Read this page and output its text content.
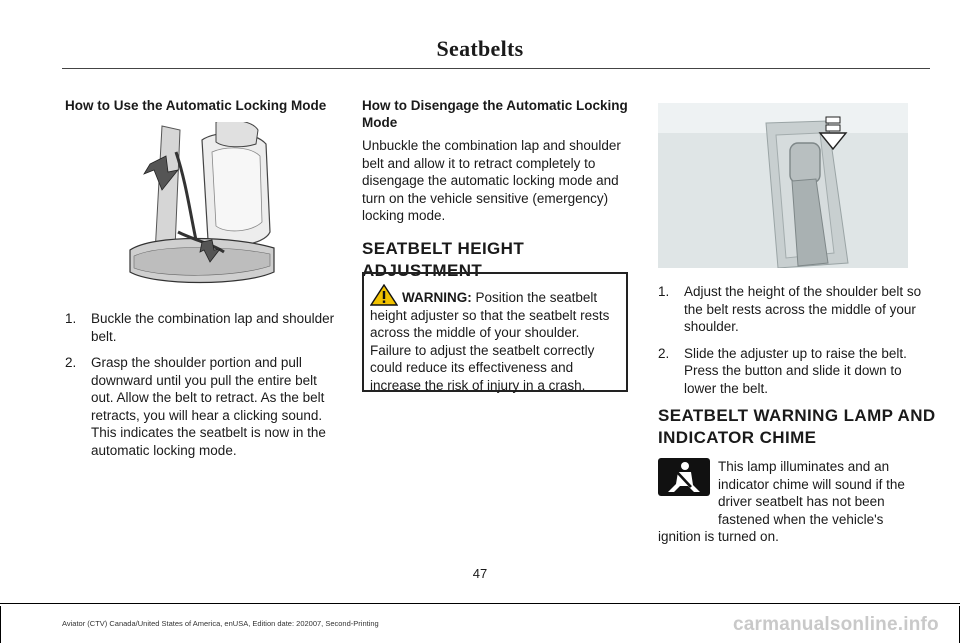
Seatbelts
How to Use the Automatic Locking Mode
1. Buckle the combination lap and shoulder belt.
2. Grasp the shoulder portion and pull downward until you pull the entire belt out. Allow the belt to retract. As the belt retracts, you will hear a clicking sound. This indicates the seatbelt is now in the automatic locking mode.
How to Disengage the Automatic Locking Mode
Unbuckle the combination lap and shoulder belt and allow it to retract completely to disengage the automatic locking mode and turn on the vehicle sensitive (emergency) locking mode.
SEATBELT HEIGHT ADJUSTMENT
WARNING: Position the seatbelt height adjuster so that the seatbelt rests across the middle of your shoulder. Failure to adjust the seatbelt correctly could reduce its effectiveness and increase the risk of injury in a crash.
1. Adjust the height of the shoulder belt so the belt rests across the middle of your shoulder.
2. Slide the adjuster up to raise the belt. Press the button and slide it down to lower the belt.
SEATBELT WARNING LAMP AND
INDICATOR CHIME
This lamp illuminates and an indicator chime will sound if the driver seatbelt has not been fastened when the vehicle's ignition is turned on.
47
Aviator (CTV) Canada/United States of America, enUSA, Edition date: 202007, Second-Printing	carmanualsonline.info
